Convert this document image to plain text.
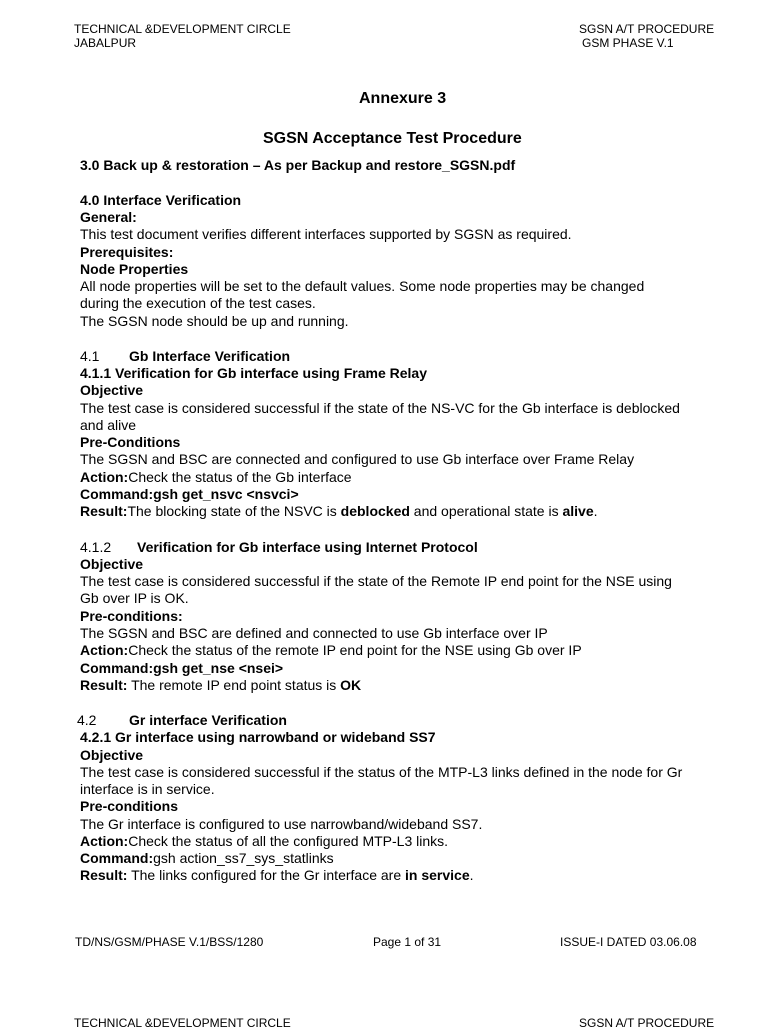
TECHNICAL &DEVELOPMENT CIRCLE
JABALPUR
SGSN A/T PROCEDURE
GSM PHASE V.1
Annexure 3
SGSN Acceptance Test Procedure
3.0 Back up & restoration – As per Backup and restore_SGSN.pdf
4.0 Interface Verification
General:
This test document verifies different interfaces supported by SGSN as required.
Prerequisites:
Node Properties
All node properties will be set to the default values. Some node properties may be changed
during the execution of the test cases.
The SGSN node should be up and running.
4.1 Gb Interface Verification
4.1.1 Verification for Gb interface using Frame Relay
Objective
The test case is considered successful if the state of the NS-VC for the Gb interface is deblocked
and alive
Pre-Conditions
The SGSN and BSC are connected and configured to use Gb interface over Frame Relay
Action:Check the status of the Gb interface
Command:gsh get_nsvc <nsvci>
Result:The blocking state of the NSVC is deblocked and operational state is alive.
4.1.2 Verification for Gb interface using Internet Protocol
Objective
The test case is considered successful if the state of the Remote IP end point for the NSE using
Gb over IP is OK.
Pre-conditions:
The SGSN and BSC are defined and connected to use Gb interface over IP
Action:Check the status of the remote IP end point for the NSE using Gb over IP
Command:gsh get_nse <nsei>
Result: The remote IP end point status is OK
4.2 Gr interface Verification
4.2.1 Gr interface using narrowband or wideband SS7
Objective
The test case is considered successful if the status of the MTP-L3 links defined in the node for Gr
interface is in service.
Pre-conditions
The Gr interface is configured to use narrowband/wideband SS7.
Action:Check the status of all the configured MTP-L3 links.
Command:gsh action_ss7_sys_statlinks
Result: The links configured for the Gr interface are in service.
TD/NS/GSM/PHASE V.1/BSS/1280	Page 1 of 31	ISSUE-I DATED 03.06.08
TECHNICAL &DEVELOPMENT CIRCLE	SGSN A/T PROCEDURE
